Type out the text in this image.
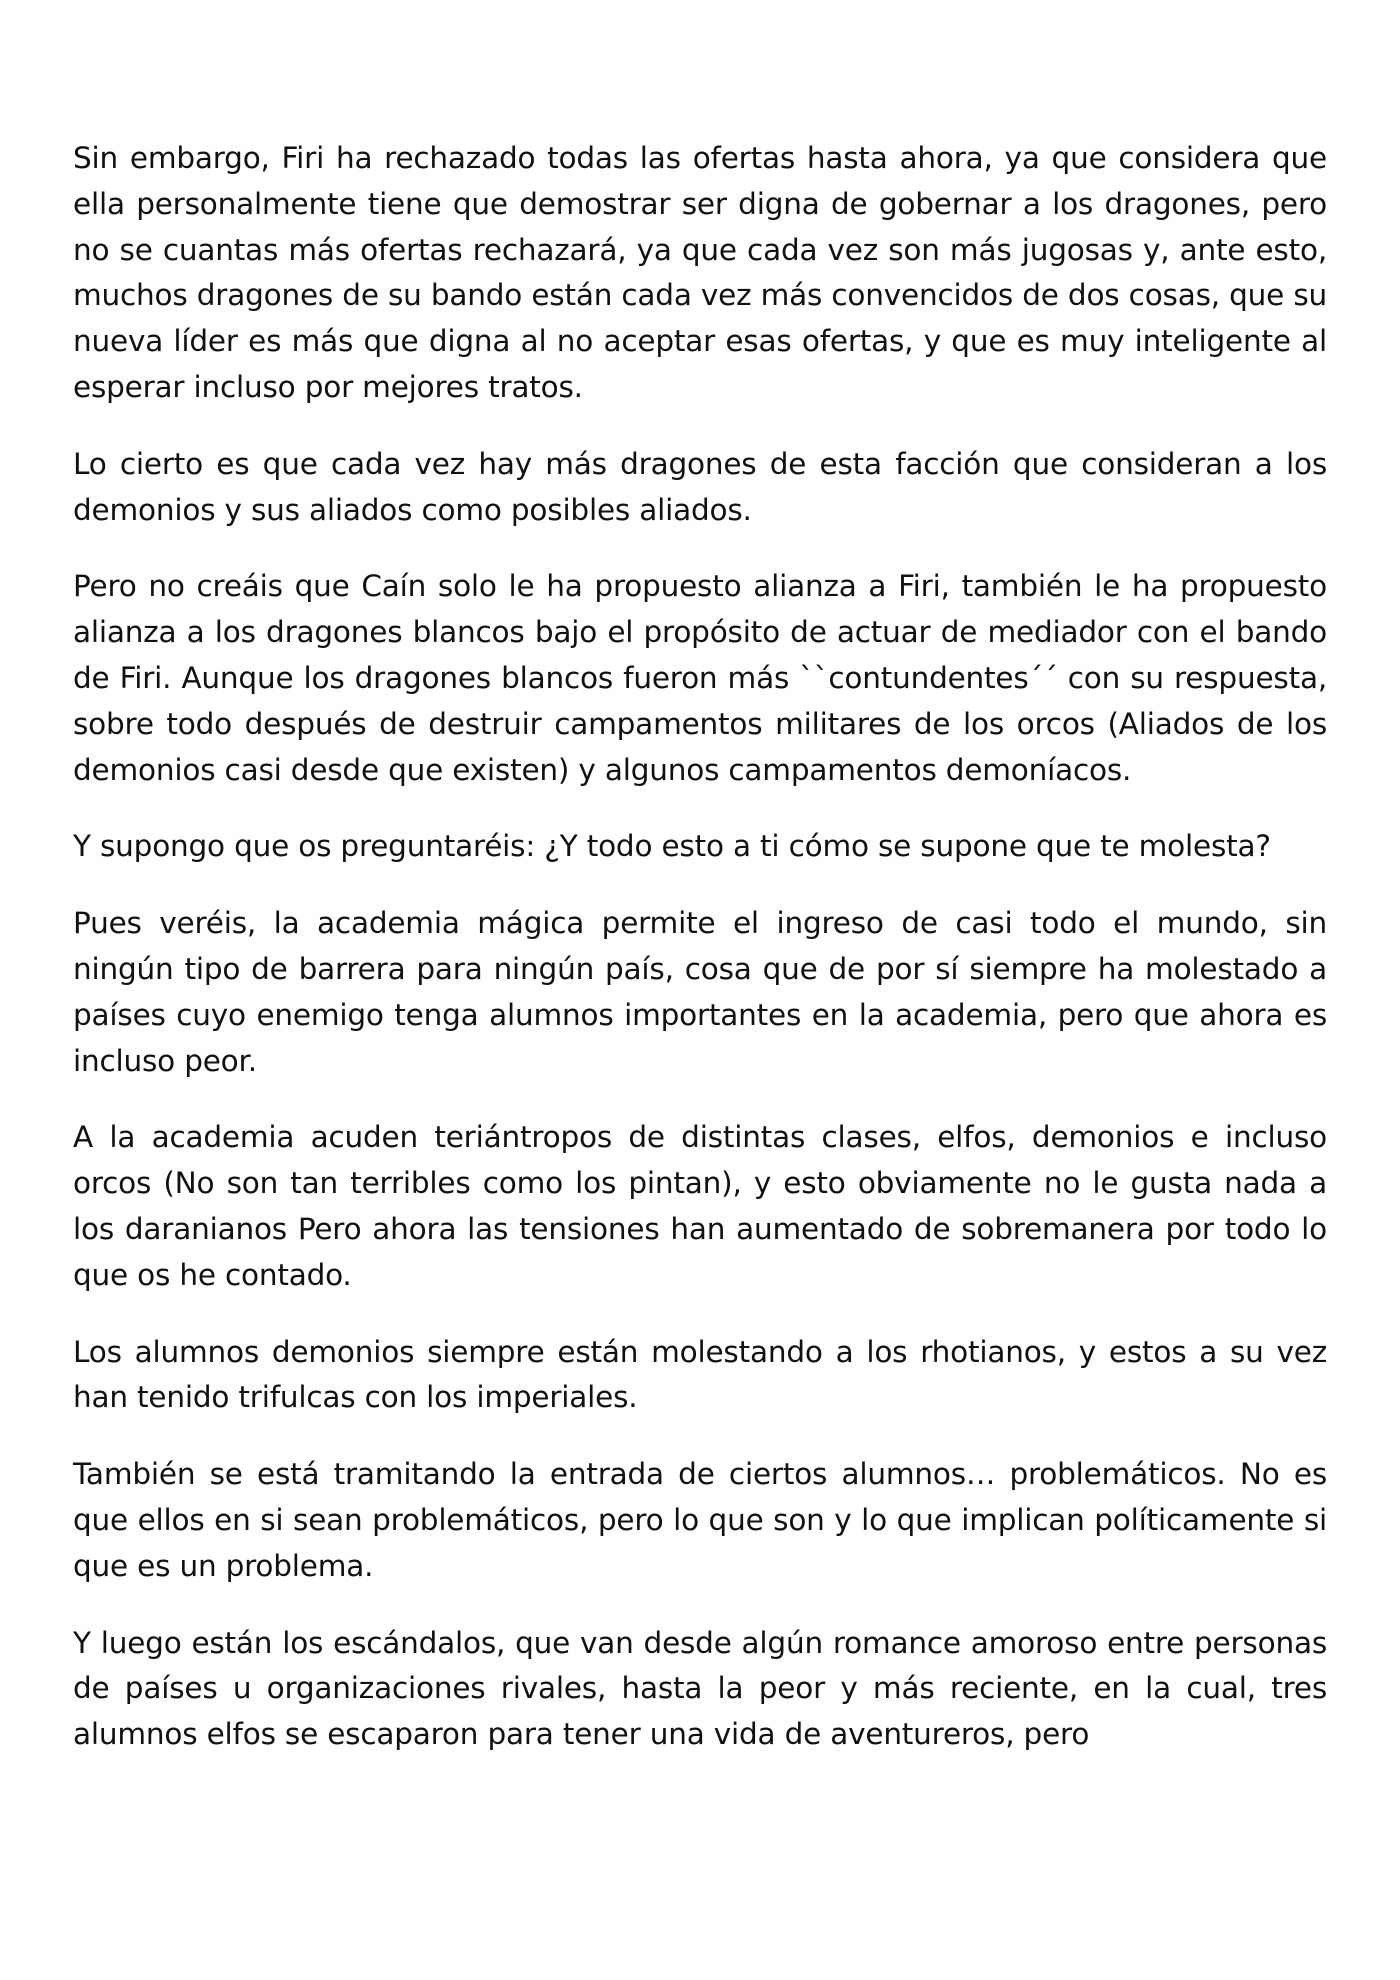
Sin embargo, Firi ha rechazado todas las ofertas hasta ahora, ya que considera que ella personalmente tiene que demostrar ser digna de gobernar a los dragones, pero no se cuantas más ofertas rechazará, ya que cada vez son más jugosas y, ante esto, muchos dragones de su bando están cada vez más convencidos de dos cosas, que su nueva líder es más que digna al no aceptar esas ofertas, y que es muy inteligente al esperar incluso por mejores tratos.

Lo cierto es que cada vez hay más dragones de esta facción que consideran a los demonios y sus aliados como posibles aliados.

Pero no creáis que Caín solo le ha propuesto alianza a Firi, también le ha propuesto alianza a los dragones blancos bajo el propósito de actuar de mediador con el bando de Firi. Aunque los dragones blancos fueron más ``contundentes´´ con su respuesta, sobre todo después de destruir campamentos militares de los orcos (Aliados de los demonios casi desde que existen) y algunos campamentos demoníacos.

Y supongo que os preguntaréis: ¿Y todo esto a ti cómo se supone que te molesta?

Pues veréis, la academia mágica permite el ingreso de casi todo el mundo, sin ningún tipo de barrera para ningún país, cosa que de por sí siempre ha molestado a países cuyo enemigo tenga alumnos importantes en la academia, pero que ahora es incluso peor.

A la academia acuden teriántropos de distintas clases, elfos, demonios e incluso orcos (No son tan terribles como los pintan), y esto obviamente no le gusta nada a los daranianos Pero ahora las tensiones han aumentado de sobremanera por todo lo que os he contado.

Los alumnos demonios siempre están molestando a los rhotianos, y estos a su vez han tenido trifulcas con los imperiales.

También se está tramitando la entrada de ciertos alumnos… problemáticos. No es que ellos en si sean problemáticos, pero lo que son y lo que implican políticamente si que es un problema.

Y luego están los escándalos, que van desde algún romance amoroso entre personas de países u organizaciones rivales, hasta la peor y más reciente, en la cual, tres alumnos elfos se escaparon para tener una vida de aventureros, pero
